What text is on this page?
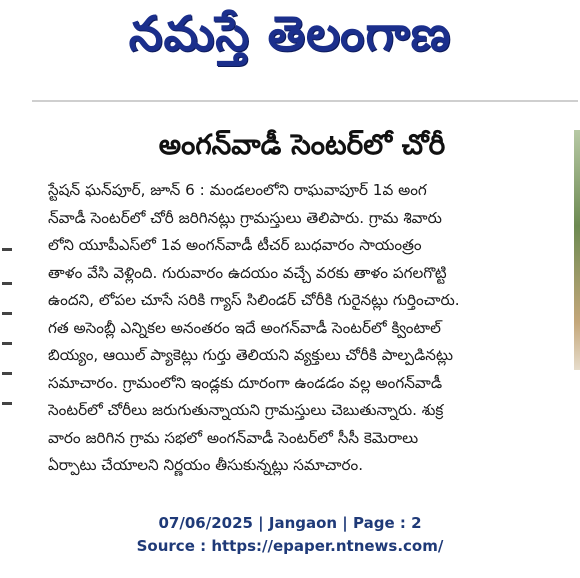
నమస్తే తెలంగాణ
అంగన్‌వాడీ సెంటర్‌లో చోరీ
స్టేషన్ ఘన్‌పూర్, జూన్ 6 : మండలంలోని రాఘవాపూర్ 1వ అంగ
న్‌వాడీ సెంటర్‌లో చోరీ జరిగినట్లు గ్రామస్తులు తెలిపారు. గ్రామ శివారు
లోని యూపీఎస్‌లో 1వ అంగన్‌వాడీ టీచర్ బుధవారం సాయంత్రం
తాళం వేసి వెళ్లింది. గురువారం ఉదయం వచ్చే వరకు తాళం పగలగొట్టి
ఉందని, లోపల చూసే సరికి గ్యాస్ సిలిండర్ చోరీకి గురైనట్లు గుర్తించారు.
గత అసెంబ్లీ ఎన్నికల అనంతరం ఇదే అంగన్‌వాడీ సెంటర్‌లో క్వింటాల్
బియ్యం, ఆయిల్ ప్యాకెట్లు గుర్తు తెలియని వ్యక్తులు చోరీకి పాల్పడినట్లు
సమాచారం. గ్రామంలోని ఇండ్లకు దూరంగా ఉండడం వల్ల అంగన్‌వాడీ
సెంటర్‌లో చోరీలు జరుగుతున్నాయని గ్రామస్తులు చెబుతున్నారు. శుక్ర
వారం జరిగిన గ్రామ సభలో అంగన్‌వాడీ సెంటర్‌లో సీసీ కెమెరాలు
ఏర్పాటు చేయాలని నిర్ణయం తీసుకున్నట్లు సమాచారం.
07/06/2025 | Jangaon | Page : 2
Source : https://epaper.ntnews.com/
